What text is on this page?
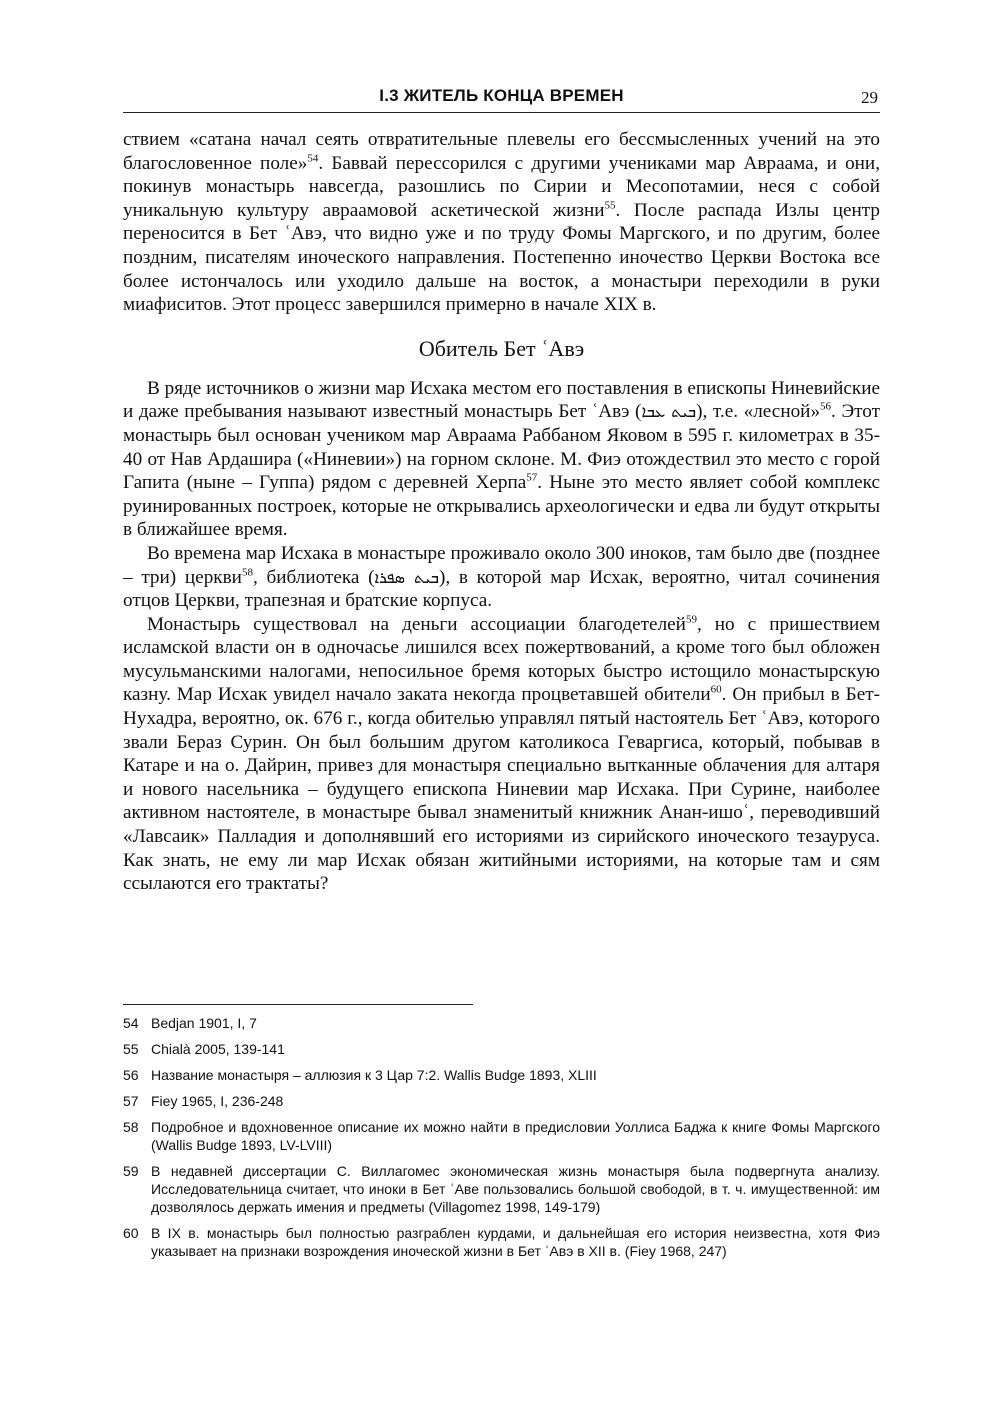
I.3 ЖИТЕЛЬ КОНЦА ВРЕМЕН	29

ствием «сатана начал сеять отвратительные плевелы его бессмысленных учений на это благословенное поле»$^{54}$. Баввай перессорился с другими учениками мар Авраама, и они, покинув монастырь навсегда, разошлись по Сирии и Месопотамии, неся с собой уникальную культуру авраамовой аскетической жизни$^{55}$. После распада Излы центр переносится в Бет ʿАвэ, что видно уже и по труду Фомы Маргского, и по другим, более поздним, писателям иноческого направления. Постепенно иночество Церкви Востока все более истончалось или уходило дальше на восток, а монастыри переходили в руки миафиситов. Этот процесс завершился примерно в начале XIX в.

Обитель Бет ʿАвэ

В ряде источников о жизни мар Исхака местом его поставления в епископы Ниневийские и даже пребывания называют известный монастырь Бет ʿАвэ (ܒܝܬ ܥܒܐ), т.е. «лесной»$^{56}$. Этот монастырь был основан учеником мар Авраама Раббаном Яковом в 595 г. километрах в 35-40 от Нав Ардашира («Ниневии») на горном склоне. М. Фиэ отождествил это место с горой Гапита (ныне – Гуппа) рядом с деревней Херпа$^{57}$. Ныне это место являет собой комплекс руинированных построек, которые не открывались археологически и едва ли будут открыты в ближайшее время.

Во времена мар Исхака в монастыре проживало около 300 иноков, там было две (позднее – три) церкви$^{58}$, библиотека (ܒܝܬ ܣܦܪܐ), в которой мар Исхак, вероятно, читал сочинения отцов Церкви, трапезная и братские корпуса.

Монастырь существовал на деньги ассоциации благодетелей$^{59}$, но с пришествием исламской власти он в одночасье лишился всех пожертвований, а кроме того был обложен мусульманскими налогами, непосильное бремя которых быстро истощило монастырскую казну. Мар Исхак увидел начало заката некогда процветавшей обители$^{60}$. Он прибыл в Бет-Нухадра, вероятно, ок. 676 г., когда обителью управлял пятый настоятель Бет ʿАвэ, которого звали Бераз Сурин. Он был большим другом католикоса Геваргиса, который, побывав в Катаре и на о. Дайрин, привез для монастыря специально вытканные облачения для алтаря и нового насельника – будущего епископа Ниневии мар Исхака. При Сурине, наиболее активном настоятеле, в монастыре бывал знаменитый книжник Анан-ишоʿ, переводивший «Лавсаик» Палладия и дополнявший его историями из сирийского иноческого тезауруса. Как знать, не ему ли мар Исхак обязан житийными историями, на которые там и сям ссылаются его трактаты?

54 Bedjan 1901, I, 7
55 Chialà 2005, 139-141
56 Название монастыря – аллюзия к 3 Цар 7:2. Wallis Budge 1893, XLIII
57 Fiey 1965, I, 236-248
58 Подробное и вдохновенное описание их можно найти в предисловии Уоллиса Баджа к книге Фомы Маргского (Wallis Budge 1893, LV-LVIII)
59 В недавней диссертации С. Виллагомес экономическая жизнь монастыря была подвергнута анализу. Исследовательница считает, что иноки в Бет ʿАве пользовались большой свободой, в т. ч. имущественной: им дозволялось держать имения и предметы (Villagomez 1998, 149-179)
60 В IX в. монастырь был полностью разграблен курдами, и дальнейшая его история неизвестна, хотя Фиэ указывает на признаки возрождения иноческой жизни в Бет ʿАвэ в XII в. (Fiey 1968, 247)
